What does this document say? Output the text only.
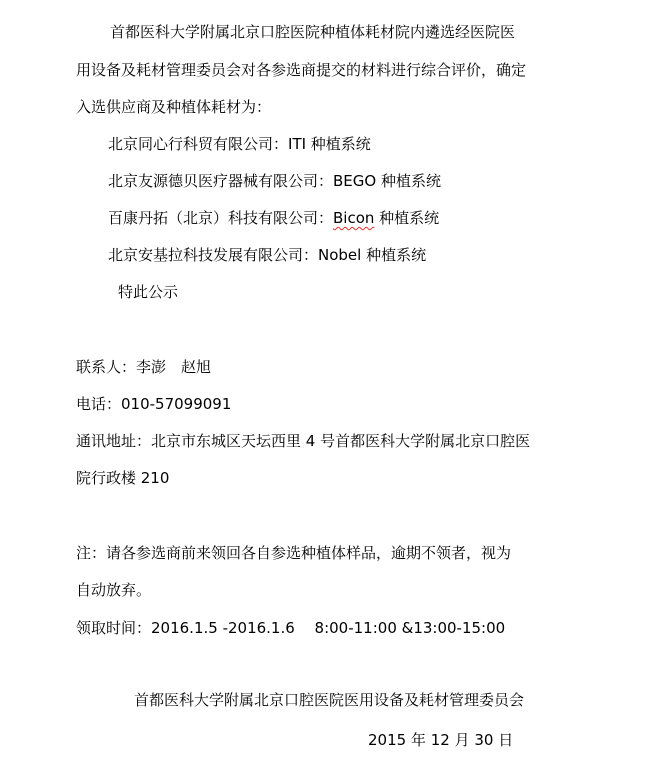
首都医科大学附属北京口腔医院种植体耗材院内遴选经医院医
用设备及耗材管理委员会对各参选商提交的材料进行综合评价，确定
入选供应商及种植体耗材为：
北京同心行科贸有限公司：ITI 种植系统
北京友源德贝医疗器械有限公司：BEGO 种植系统
百康丹拓（北京）科技有限公司：Bicon 种植系统
北京安基拉科技发展有限公司：Nobel 种植系统
特此公示
联系人：李澎　赵旭
电话：010-57099091
通讯地址：北京市东城区天坛西里 4 号首都医科大学附属北京口腔医
院行政楼 210
注：请各参选商前来领回各自参选种植体样品，逾期不领者，视为
自动放弃。
领取时间：2016.1.5 -2016.1.6　 8:00-11:00 &13:00-15:00
首都医科大学附属北京口腔医院医用设备及耗材管理委员会
2015 年 12 月 30 日
